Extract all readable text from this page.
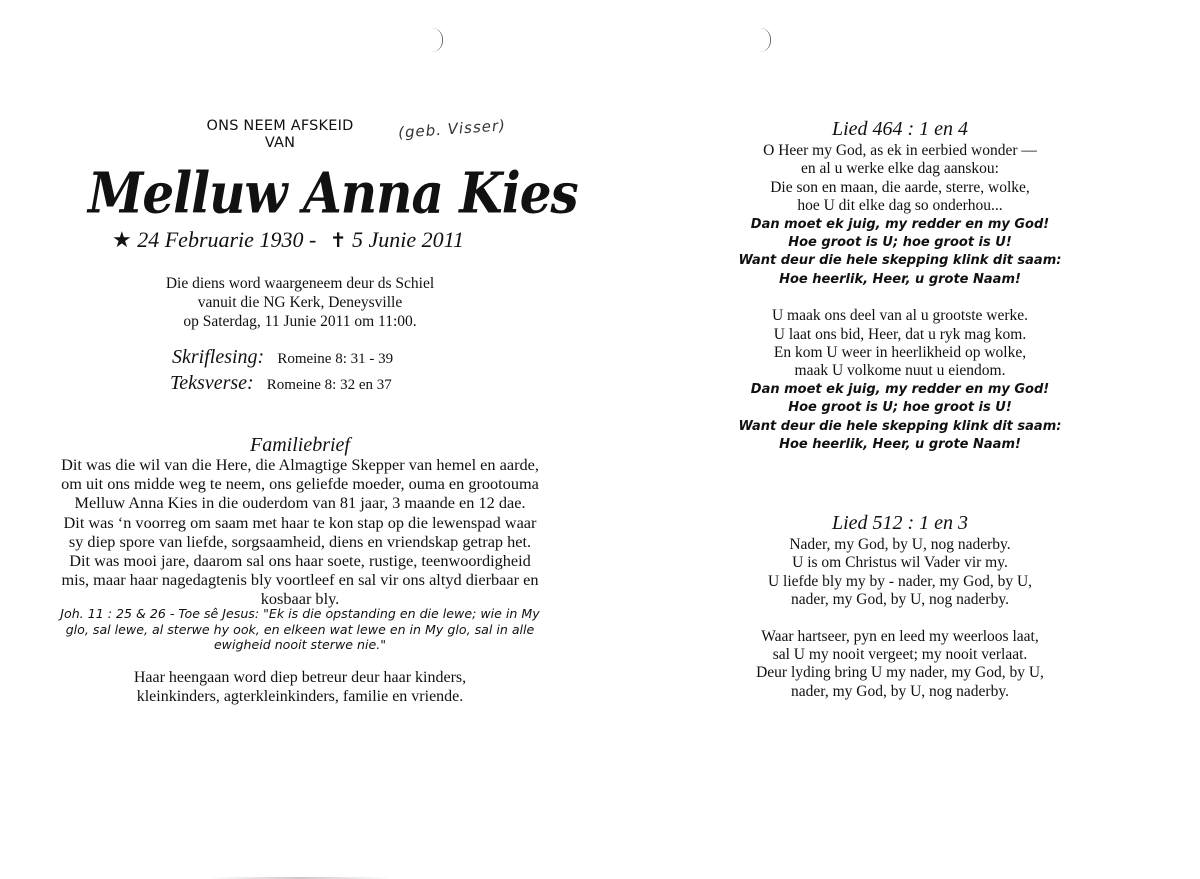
ONS NEEM AFSKEID
VAN
(geb. Visser)
Melluw Anna Kies
★ 24 Februarie 1930 - ✝ 5 Junie 2011
Die diens word waargeneem deur ds Schiel
vanuit die NG Kerk, Deneysville
op Saterdag, 11 Junie 2011 om 11:00.
Skriflesing: Romeine 8: 31 - 39
Teksverse: Romeine 8: 32 en 37
Familiebrief
Dit was die wil van die Here, die Almagtige Skepper van hemel en aarde,
om uit ons midde weg te neem, ons geliefde moeder, ouma en grootouma
Melluw Anna Kies in die ouderdom van 81 jaar, 3 maande en 12 dae.
Dit was ‘n voorreg om saam met haar te kon stap op die lewenspad waar
sy diep spore van liefde, sorgsaamheid, diens en vriendskap getrap het.
Dit was mooi jare, daarom sal ons haar soete, rustige, teenwoordigheid
mis, maar haar nagedagtenis bly voortleef en sal vir ons altyd dierbaar en
kosbaar bly.
Joh. 11 : 25 & 26 - Toe sê Jesus: "Ek is die opstanding en die lewe; wie in My
glo, sal lewe, al sterwe hy ook, en elkeen wat lewe en in My glo, sal in alle
ewigheid nooit sterwe nie."
Haar heengaan word diep betreur deur haar kinders,
kleinkinders, agterkleinkinders, familie en vriende.
Lied 464 : 1 en 4
O Heer my God, as ek in eerbied wonder —
en al u werke elke dag aanskou:
Die son en maan, die aarde, sterre, wolke,
hoe U dit elke dag so onderhou...
Dan moet ek juig, my redder en my God!
Hoe groot is U; hoe groot is U!
Want deur die hele skepping klink dit saam:
Hoe heerlik, Heer, u grote Naam!
U maak ons deel van al u grootste werke.
U laat ons bid, Heer, dat u ryk mag kom.
En kom U weer in heerlikheid op wolke,
maak U volkome nuut u eiendom.
Dan moet ek juig, my redder en my God!
Hoe groot is U; hoe groot is U!
Want deur die hele skepping klink dit saam:
Hoe heerlik, Heer, u grote Naam!
Lied 512 : 1 en 3
Nader, my God, by U, nog naderby.
U is om Christus wil Vader vir my.
U liefde bly my by - nader, my God, by U,
nader, my God, by U, nog naderby.
Waar hartseer, pyn en leed my weerloos laat,
sal U my nooit vergeet; my nooit verlaat.
Deur lyding bring U my nader, my God, by U,
nader, my God, by U, nog naderby.
